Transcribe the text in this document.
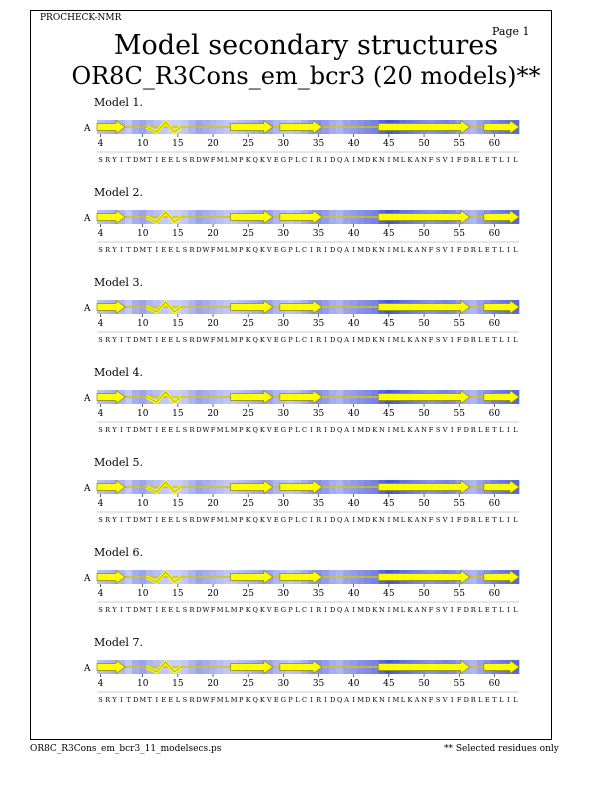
PROCHECK-NMR
Page 1
Model secondary structures
OR8C_R3Cons_em_bcr3 (20 models)**
Model 1.
A
4	10	15	20	25	30	35	40	45	50	55	60
S R Y I T DMT I E E L S R DWFMLMP K Q K V E G P L C I R I D Q A I MD K N I ML K A N F S V I F D R L E T L I L
Model 2.
A
4	10	15	20	25	30	35	40	45	50	55	60
S R Y I T DMT I E E L S R DWFMLMP K Q K V E G P L C I R I D Q A I MD K N I ML K A N F S V I F D R L E T L I L
Model 3.
A
4	10	15	20	25	30	35	40	45	50	55	60
S R Y I T DMT I E E L S R DWFMLMP K Q K V E G P L C I R I D Q A I MD K N I ML K A N F S V I F D R L E T L I L
Model 4.
A
4	10	15	20	25	30	35	40	45	50	55	60
S R Y I T DMT I E E L S R DWFMLMP K Q K V E G P L C I R I D Q A I MD K N I ML K A N F S V I F D R L E T L I L
Model 5.
A
4	10	15	20	25	30	35	40	45	50	55	60
S R Y I T DMT I E E L S R DWFMLMP K Q K V E G P L C I R I D Q A I MD K N I ML K A N F S V I F D R L E T L I L
Model 6.
A
4	10	15	20	25	30	35	40	45	50	55	60
S R Y I T DMT I E E L S R DWFMLMP K Q K V E G P L C I R I D Q A I MD K N I ML K A N F S V I F D R L E T L I L
Model 7.
A
4	10	15	20	25	30	35	40	45	50	55	60
S R Y I T DMT I E E L S R DWFMLMP K Q K V E G P L C I R I D Q A I MD K N I ML K A N F S V I F D R L E T L I L
OR8C_R3Cons_em_bcr3_11_modelsecs.ps	** Selected residues only
